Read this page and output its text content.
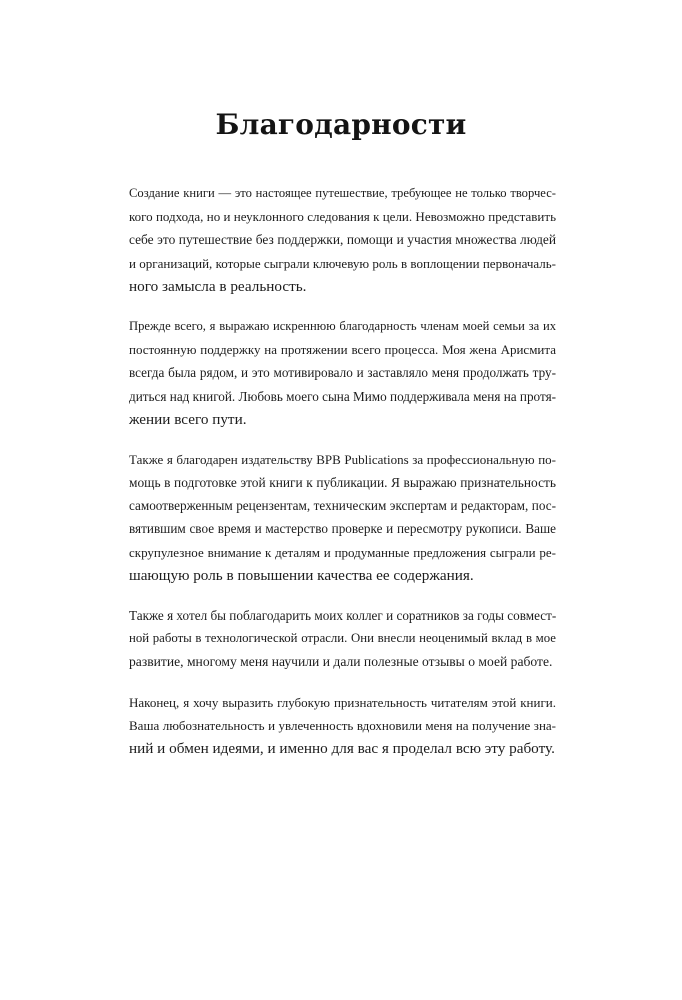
Благодарности

Создание книги — это настоящее путешествие, требующее не только творчес-
кого подхода, но и неуклонного следования к цели. Невозможно представить
себе это путешествие без поддержки, помощи и участия множества людей
и организаций, которые сыграли ключевую роль в воплощении первоначаль-
ного замысла в реальность.

Прежде всего, я выражаю искреннюю благодарность членам моей семьи за их
постоянную поддержку на протяжении всего процесса. Моя жена Арисмита
всегда была рядом, и это мотивировало и заставляло меня продолжать тру-
диться над книгой. Любовь моего сына Мимо поддерживала меня на протя-
жении всего пути.

Также я благодарен издательству BPB Publications за профессиональную по-
мощь в подготовке этой книги к публикации. Я выражаю признательность
самоотверженным рецензентам, техническим экспертам и редакторам, пос-
вятившим свое время и мастерство проверке и пересмотру рукописи. Ваше
скрупулезное внимание к деталям и продуманные предложения сыграли ре-
шающую роль в повышении качества ее содержания.

Также я хотел бы поблагодарить моих коллег и соратников за годы совмест-
ной работы в технологической отрасли. Они внесли неоценимый вклад в мое
развитие, многому меня научили и дали полезные отзывы о моей работе.

Наконец, я хочу выразить глубокую признательность читателям этой книги.
Ваша любознательность и увлеченность вдохновили меня на получение зна-
ний и обмен идеями, и именно для вас я проделал всю эту работу.
